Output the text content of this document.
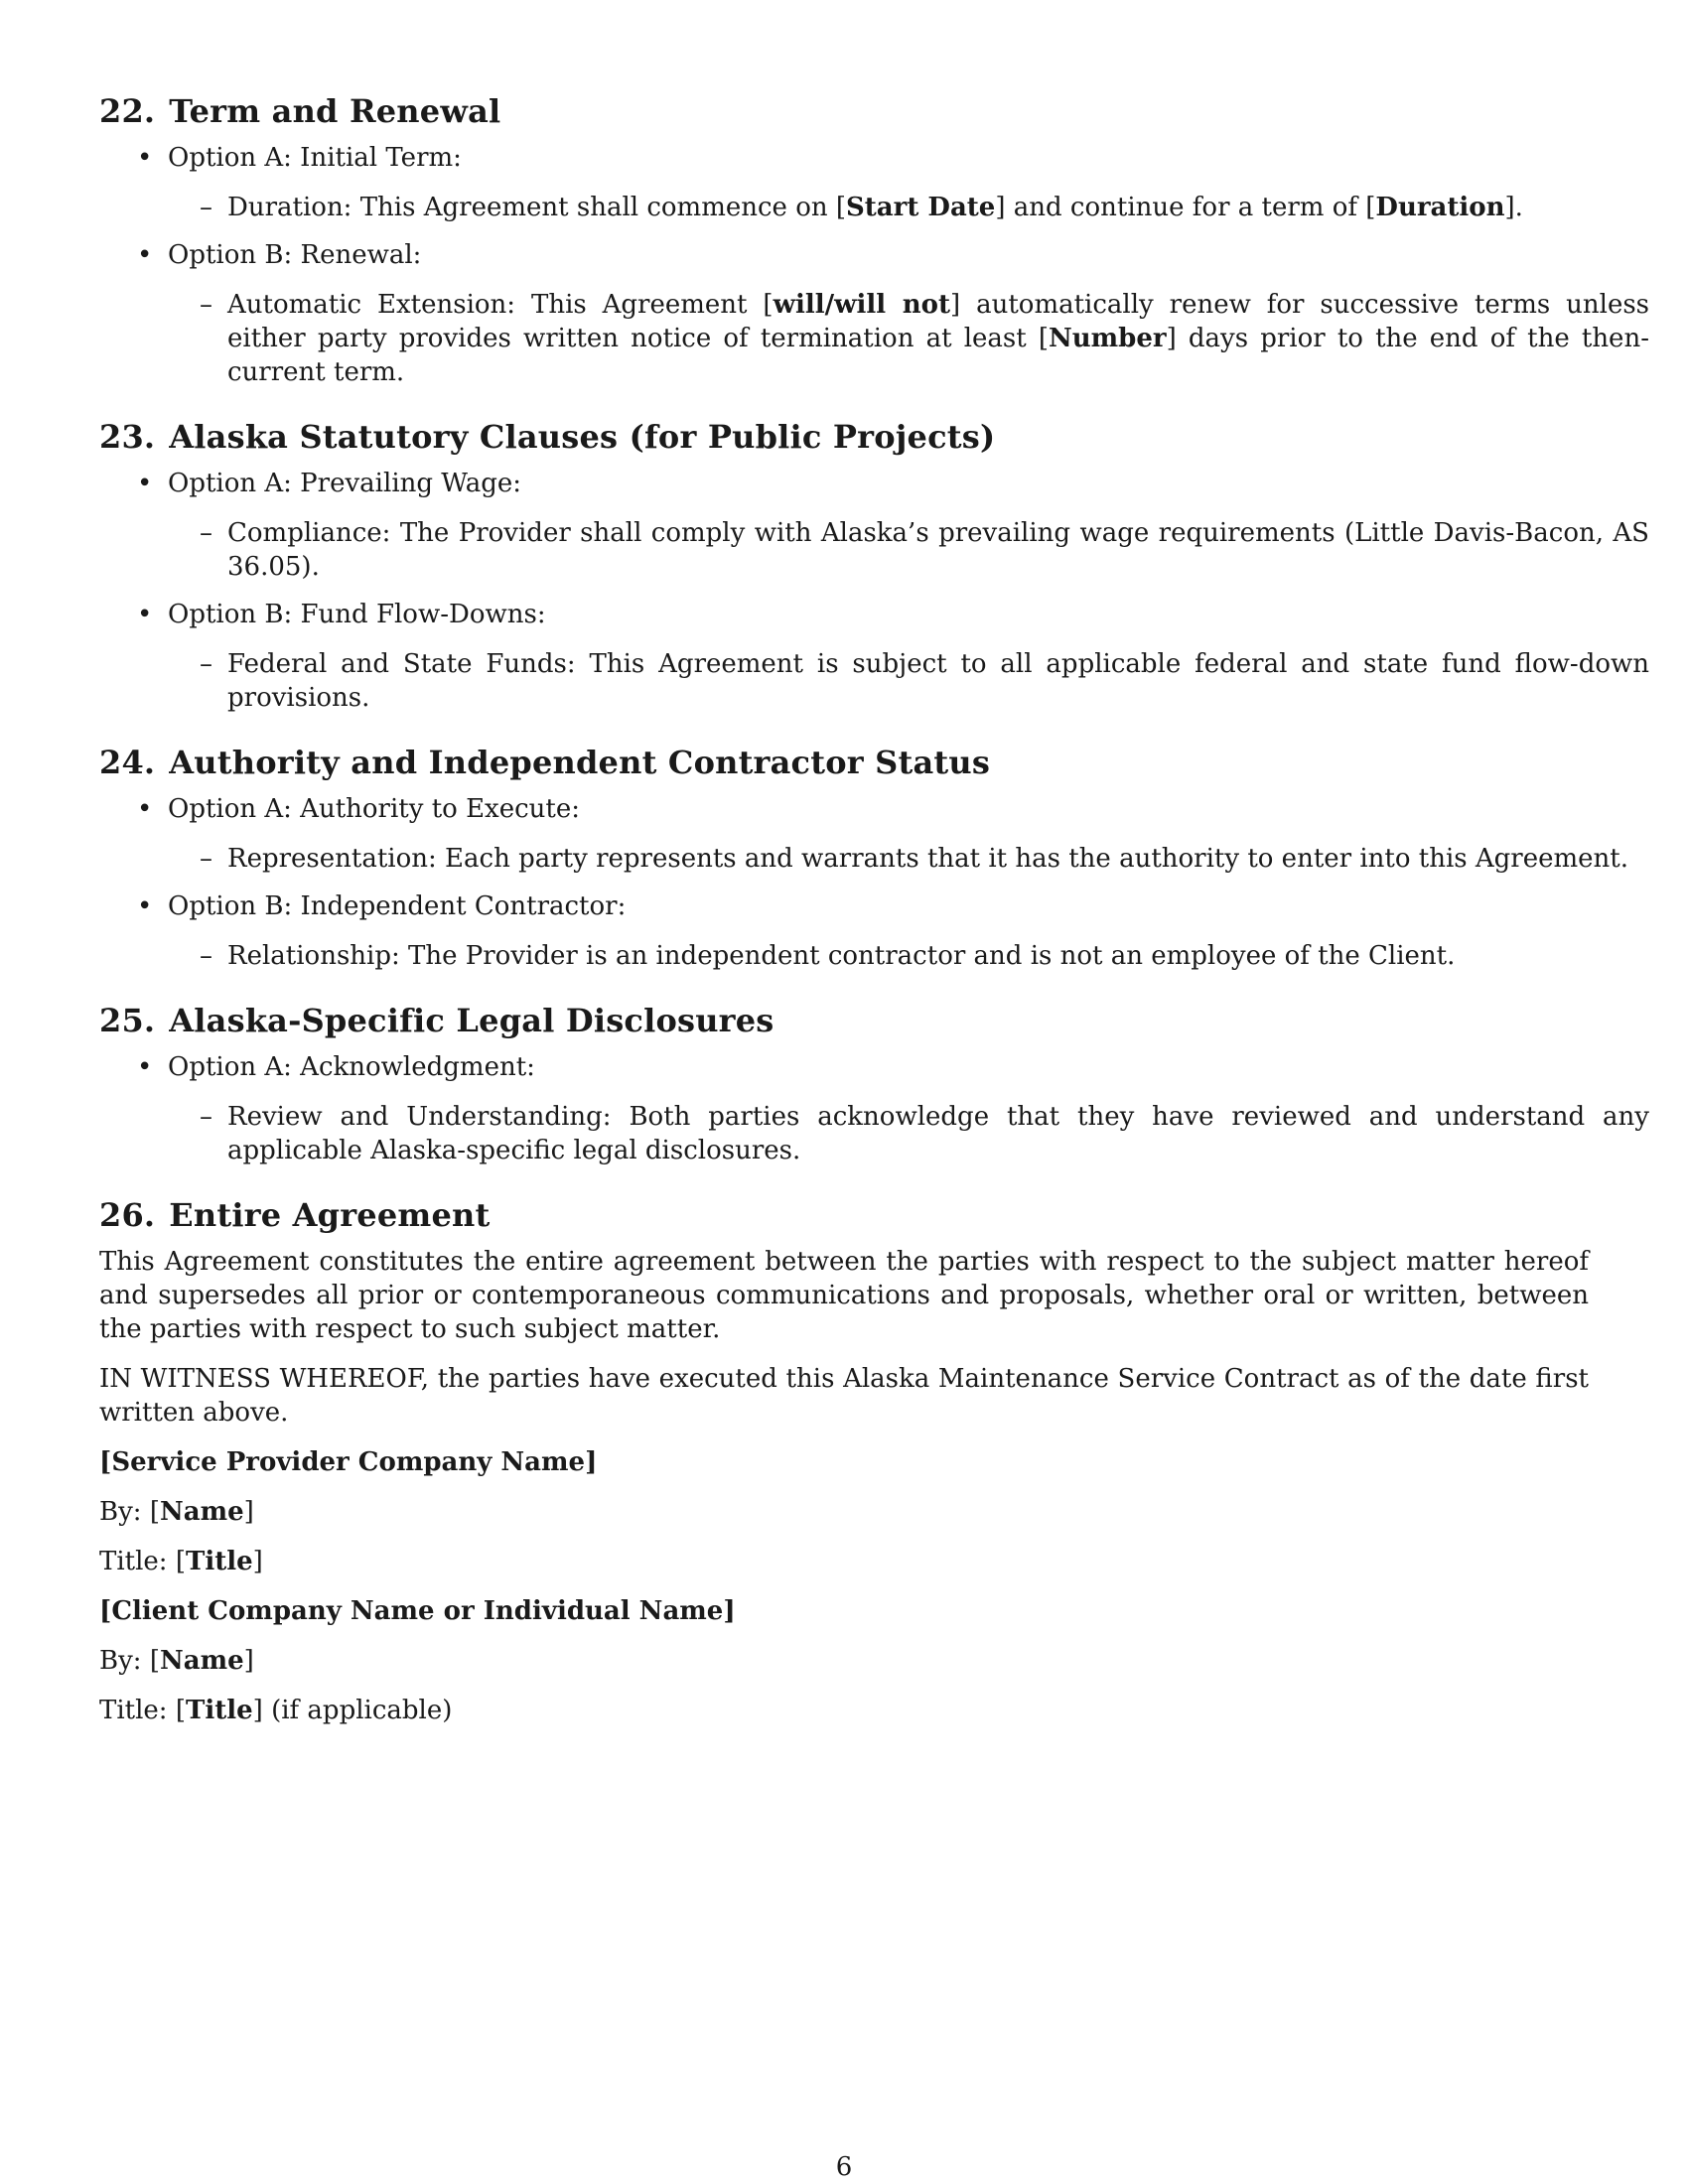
22. Term and Renewal
• Option A: Initial Term:
– Duration: This Agreement shall commence on [Start Date] and continue for a term of [Duration].
• Option B: Renewal:
– Automatic Extension: This Agreement [will/will not] automatically renew for successive terms unless either party provides written notice of termination at least [Number] days prior to the end of the then-current term.
23. Alaska Statutory Clauses (for Public Projects)
• Option A: Prevailing Wage:
– Compliance: The Provider shall comply with Alaska’s prevailing wage requirements (Little Davis-Bacon, AS 36.05).
• Option B: Fund Flow-Downs:
– Federal and State Funds: This Agreement is subject to all applicable federal and state fund flow-down provisions.
24. Authority and Independent Contractor Status
• Option A: Authority to Execute:
– Representation: Each party represents and warrants that it has the authority to enter into this Agreement.
• Option B: Independent Contractor:
– Relationship: The Provider is an independent contractor and is not an employee of the Client.
25. Alaska-Specific Legal Disclosures
• Option A: Acknowledgment:
– Review and Understanding: Both parties acknowledge that they have reviewed and understand any applicable Alaska-specific legal disclosures.
26. Entire Agreement

This Agreement constitutes the entire agreement between the parties with respect to the subject matter hereof and supersedes all prior or contemporaneous communications and proposals, whether oral or written, between the parties with respect to such subject matter.

IN WITNESS WHEREOF, the parties have executed this Alaska Maintenance Service Contract as of the date first written above.

[Service Provider Company Name]
By: [Name]
Title: [Title]
[Client Company Name or Individual Name]
By: [Name]
Title: [Title] (if applicable)
6
